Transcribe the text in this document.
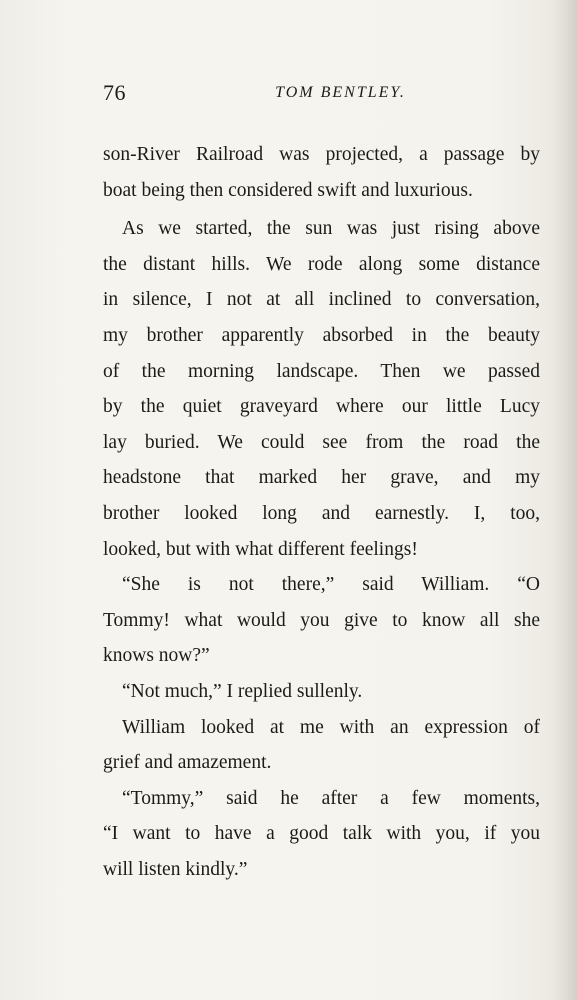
76	TOM BENTLEY.
son-River Railroad was projected, a passage by
boat being then considered swift and luxurious.
As we started, the sun was just rising above
the distant hills. We rode along some distance
in silence, I not at all inclined to conversation,
my brother apparently absorbed in the beauty
of the morning landscape. Then we passed
by the quiet graveyard where our little Lucy
lay buried. We could see from the road the
headstone that marked her grave, and my
brother looked long and earnestly. I, too,
looked, but with what different feelings!
“She is not there,” said William. “O
Tommy! what would you give to know all she
knows now?”
“Not much,” I replied sullenly.
William looked at me with an expression of
grief and amazement.
“Tommy,” said he after a few moments,
“I want to have a good talk with you, if you
will listen kindly.”
